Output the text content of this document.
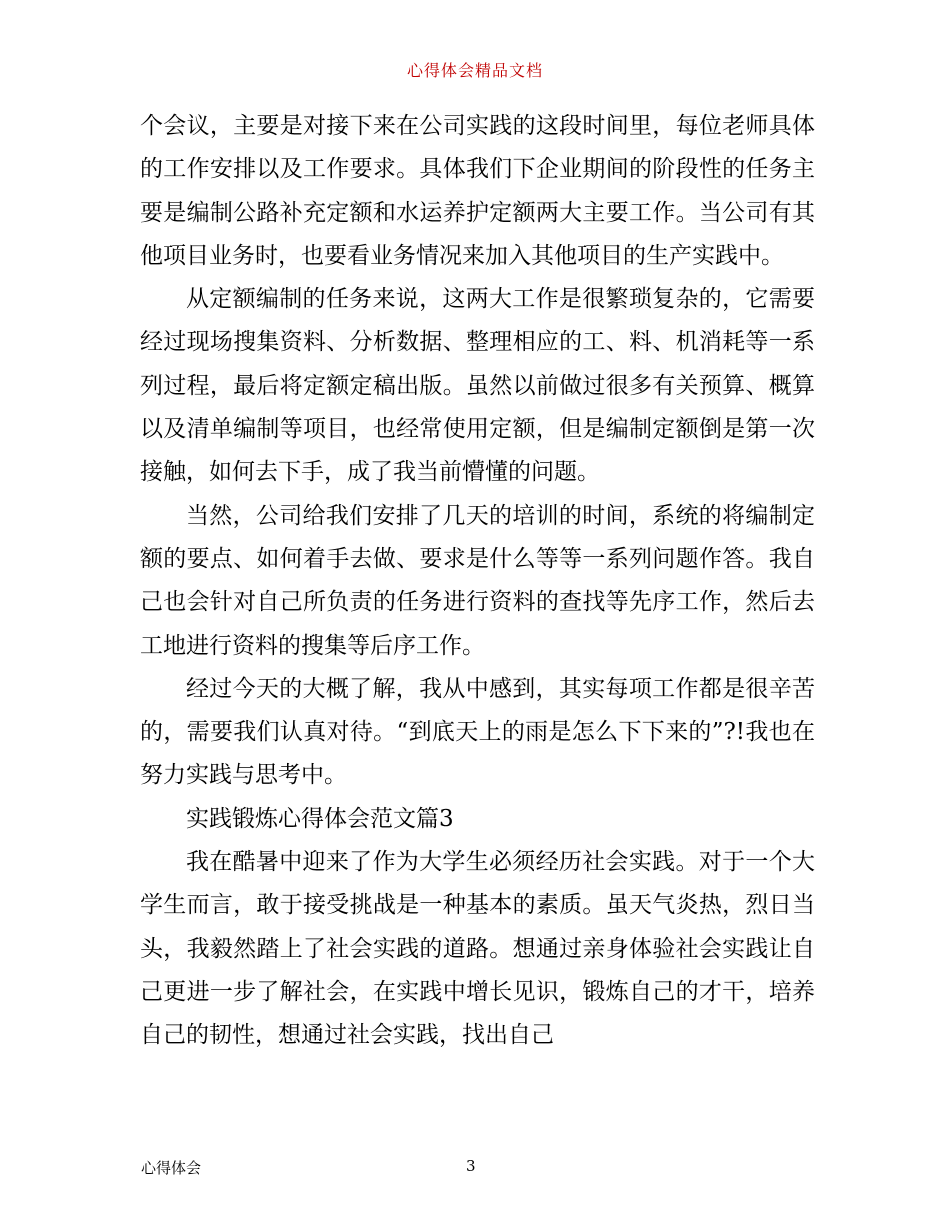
心得体会精品文档

个会议，主要是对接下来在公司实践的这段时间里，每位老师具体的工作安排以及工作要求。具体我们下企业期间的阶段性的任务主要是编制公路补充定额和水运养护定额两大主要工作。当公司有其他项目业务时，也要看业务情况来加入其他项目的生产实践中。

从定额编制的任务来说，这两大工作是很繁琐复杂的，它需要经过现场搜集资料、分析数据、整理相应的工、料、机消耗等一系列过程，最后将定额定稿出版。虽然以前做过很多有关预算、概算以及清单编制等项目，也经常使用定额，但是编制定额倒是第一次接触，如何去下手，成了我当前懵懂的问题。

当然，公司给我们安排了几天的培训的时间，系统的将编制定额的要点、如何着手去做、要求是什么等等一系列问题作答。我自己也会针对自己所负责的任务进行资料的查找等先序工作，然后去工地进行资料的搜集等后序工作。

经过今天的大概了解，我从中感到，其实每项工作都是很辛苦的，需要我们认真对待。“到底天上的雨是怎么下下来的”?!我也在努力实践与思考中。

实践锻炼心得体会范文篇3

我在酷暑中迎来了作为大学生必须经历社会实践。对于一个大学生而言，敢于接受挑战是一种基本的素质。虽天气炎热，烈日当头，我毅然踏上了社会实践的道路。想通过亲身体验社会实践让自己更进一步了解社会，在实践中增长见识，锻炼自己的才干，培养自己的韧性，想通过社会实践，找出自己

心得体会	3
